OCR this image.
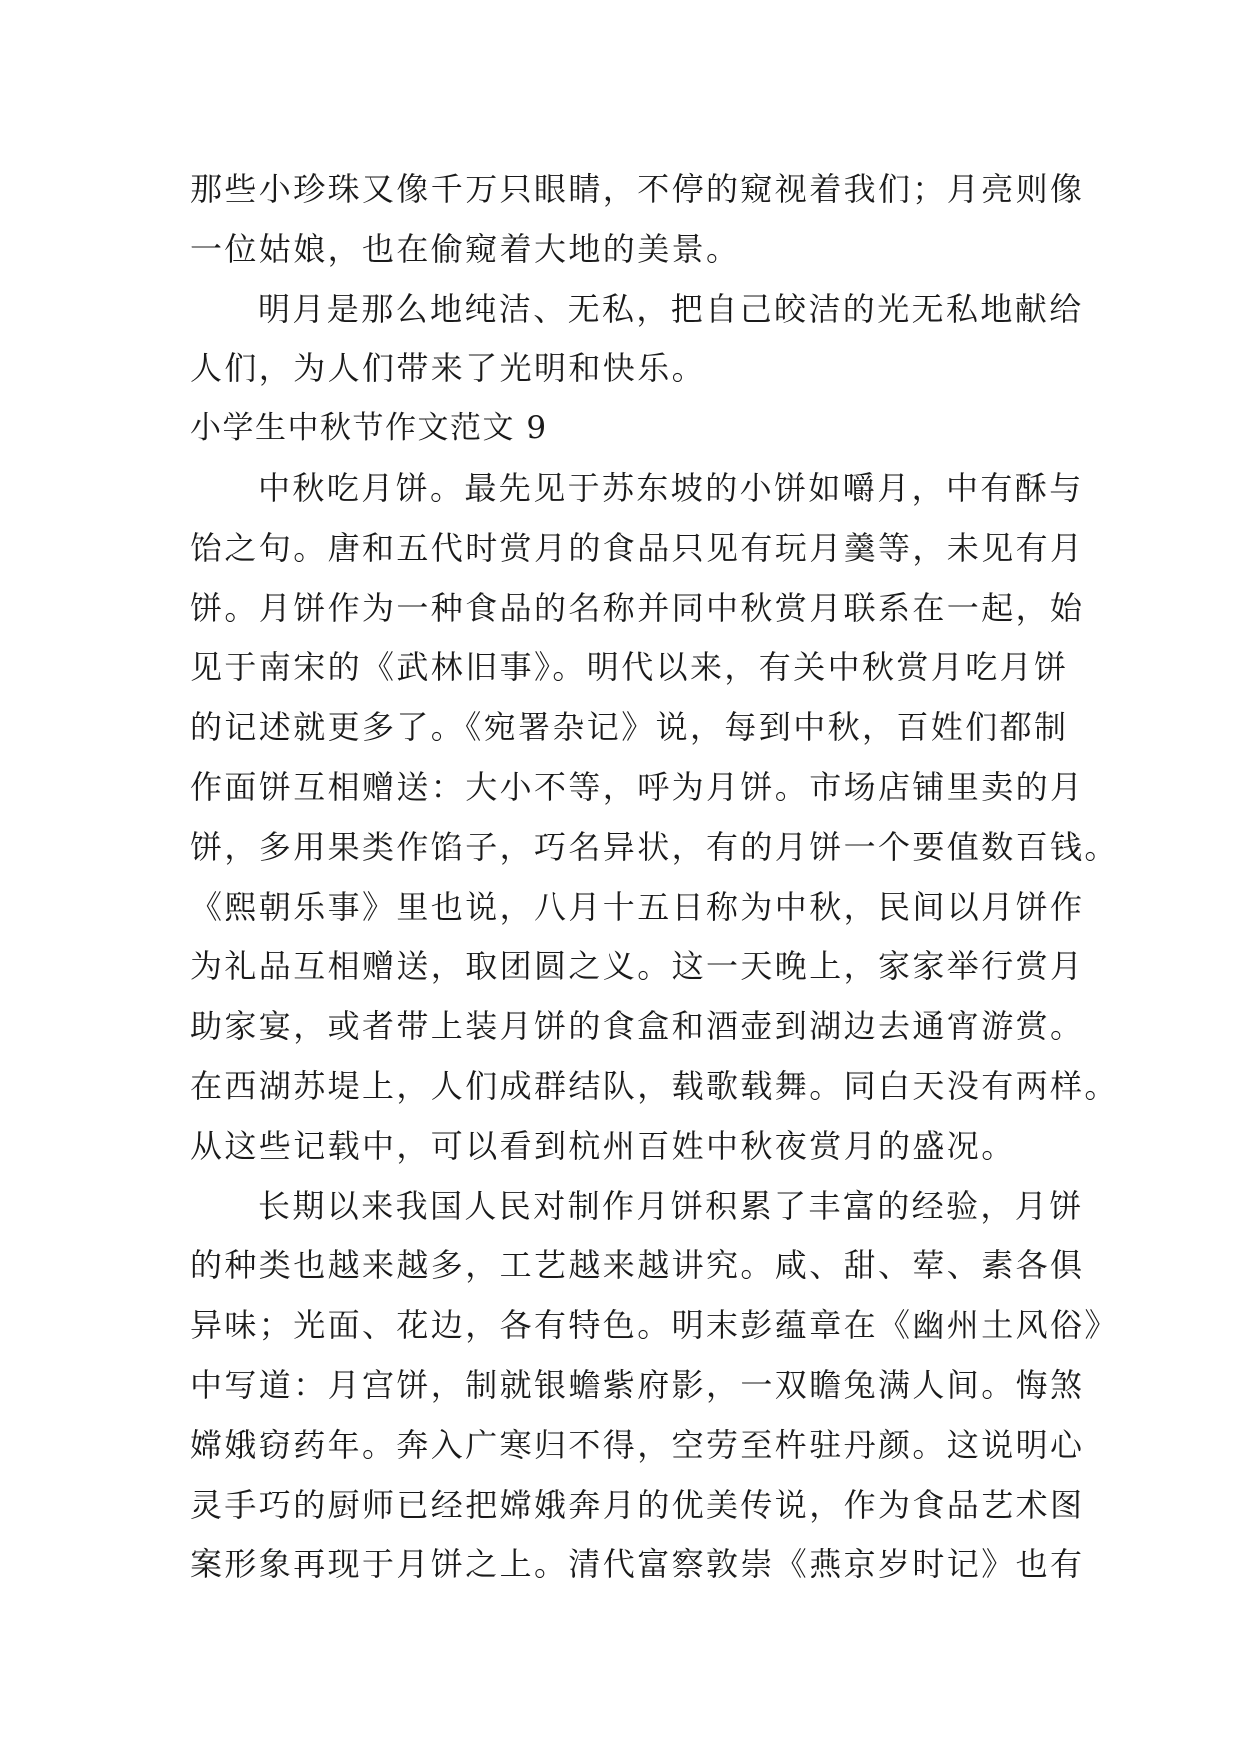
那些小珍珠又像千万只眼睛，不停的窥视着我们；月亮则像
一位姑娘，也在偷窥着大地的美景。
明月是那么地纯洁、无私，把自己皎洁的光无私地献给
人们，为人们带来了光明和快乐。
小学生中秋节作文范文 9
中秋吃月饼。最先见于苏东坡的小饼如嚼月，中有酥与
饴之句。唐和五代时赏月的食品只见有玩月羹等，未见有月
饼。月饼作为一种食品的名称并同中秋赏月联系在一起，始
见于南宋的《武林旧事》。明代以来，有关中秋赏月吃月饼
的记述就更多了。《宛署杂记》说，每到中秋，百姓们都制
作面饼互相赠送：大小不等，呼为月饼。市场店铺里卖的月
饼，多用果类作馅子，巧名异状，有的月饼一个要值数百钱。
《熙朝乐事》里也说，八月十五日称为中秋，民间以月饼作
为礼品互相赠送，取团圆之义。这一天晚上，家家举行赏月
助家宴，或者带上装月饼的食盒和酒壶到湖边去通宵游赏。
在西湖苏堤上，人们成群结队，载歌载舞。同白天没有两样。
从这些记载中，可以看到杭州百姓中秋夜赏月的盛况。
长期以来我国人民对制作月饼积累了丰富的经验，月饼
的种类也越来越多，工艺越来越讲究。咸、甜、荤、素各俱
异味；光面、花边，各有特色。明末彭蕴章在《幽州土风俗》
中写道：月宫饼，制就银蟾紫府影，一双瞻兔满人间。悔煞
嫦娥窃药年。奔入广寒归不得，空劳至杵驻丹颜。这说明心
灵手巧的厨师已经把嫦娥奔月的优美传说，作为食品艺术图
案形象再现于月饼之上。清代富察敦崇《燕京岁时记》也有
